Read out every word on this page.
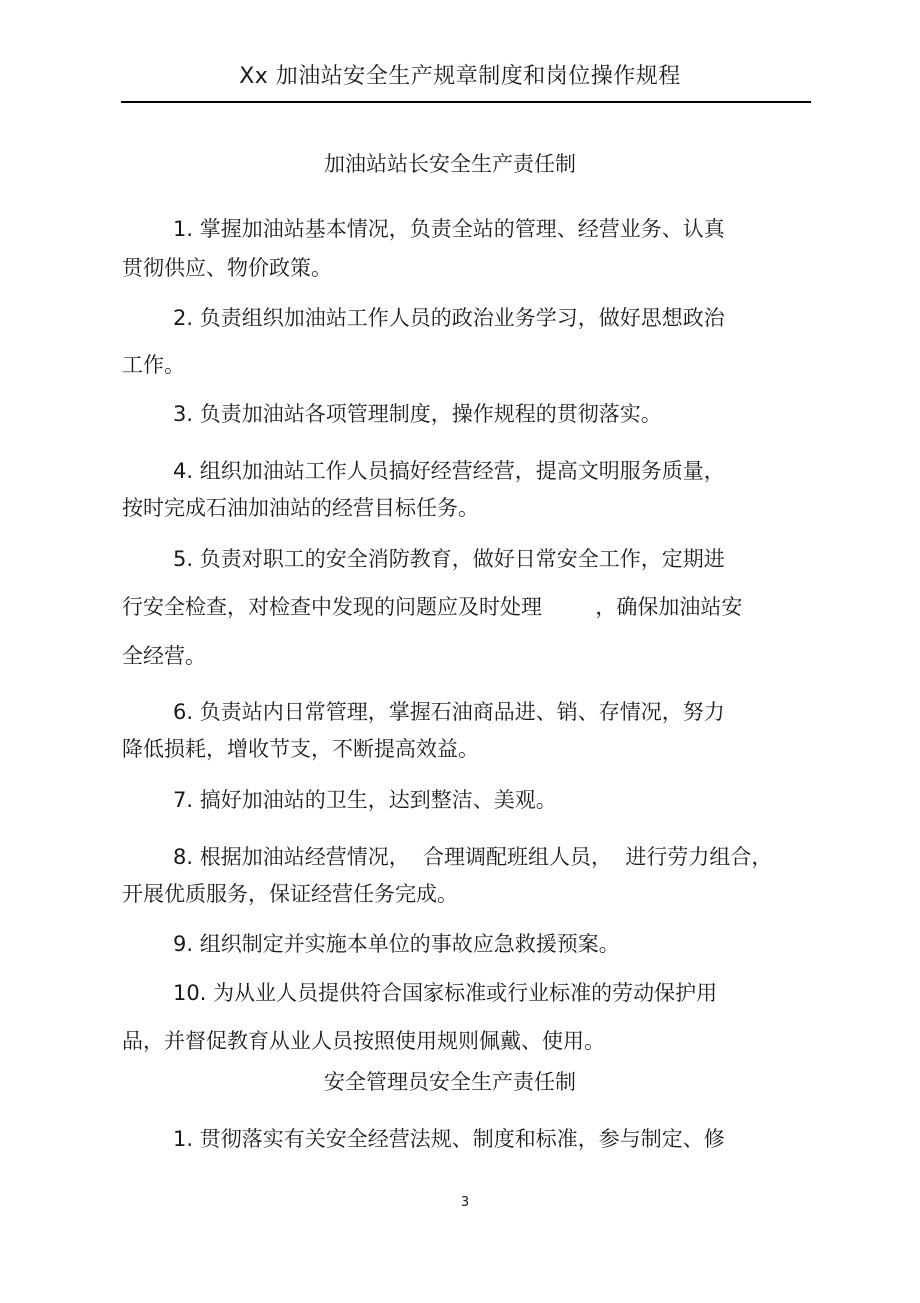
Xx 加油站安全生产规章制度和岗位操作规程
加油站站长安全生产责任制
1. 掌握加油站基本情况，负责全站的管理、经营业务、认真
贯彻供应、物价政策。
2. 负责组织加油站工作人员的政治业务学习，做好思想政治
工作。
3. 负责加油站各项管理制度，操作规程的贯彻落实。
4. 组织加油站工作人员搞好经营经营，提高文明服务质量，
按时完成石油加油站的经营目标任务。
5. 负责对职工的安全消防教育，做好日常安全工作，定期进
行安全检查，对检查中发现的问题应及时处理        ，确保加油站安
全经营。
6. 负责站内日常管理，掌握石油商品进、销、存情况，努力
降低损耗，增收节支，不断提高效益。
7. 搞好加油站的卫生，达到整洁、美观。
8. 根据加油站经营情况，  合理调配班组人员，  进行劳力组合，
开展优质服务，保证经营任务完成。
9. 组织制定并实施本单位的事故应急救援预案。
10. 为从业人员提供符合国家标准或行业标准的劳动保护用
品，并督促教育从业人员按照使用规则佩戴、使用。
安全管理员安全生产责任制
1. 贯彻落实有关安全经营法规、制度和标准，参与制定、修
3
